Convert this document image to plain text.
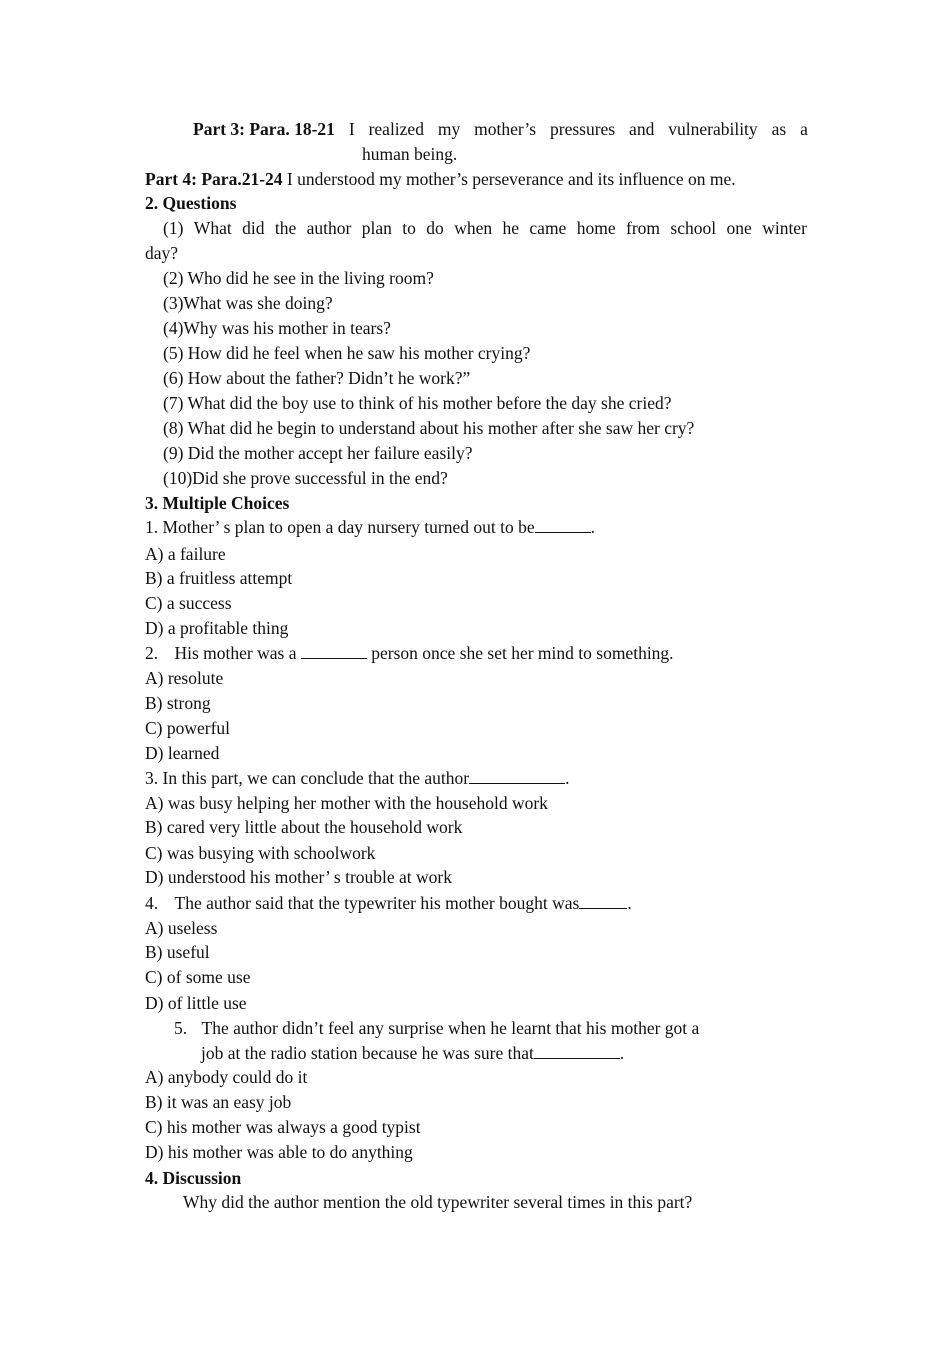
Part 3: Para. 18-21 I realized my mother’s pressures and vulnerability as a
human being.
Part 4: Para.21-24 I understood my mother’s perseverance and its influence on me.
2. Questions
(1) What did the author plan to do when he came home from school one winter
day?
(2) Who did he see in the living room?
(3)What was she doing?
(4)Why was his mother in tears?
(5) How did he feel when he saw his mother crying?
(6) How about the father? Didn’t he work?”
(7) What did the boy use to think of his mother before the day she cried?
(8) What did he begin to understand about his mother after she saw her cry?
(9) Did the mother accept her failure easily?
(10)Did she prove successful in the end?
3. Multiple Choices
1. Mother’ s plan to open a day nursery turned out to be	.
A) a failure
B) a fruitless attempt
C) a success
D) a profitable thing
2. His mother was a	person once she set her mind to something.
A) resolute
B) strong
C) powerful
D) learned
3. In this part, we can conclude that the author	.
A) was busy helping her mother with the household work
B) cared very little about the household work
C) was busying with schoolwork
D) understood his mother’ s trouble at work
4. The author said that the typewriter his mother bought was	.
A) useless
B) useful
C) of some use
D) of little use
5. The author didn’t feel any surprise when he learnt that his mother got a
job at the radio station because he was sure that	.
A) anybody could do it
B) it was an easy job
C) his mother was always a good typist
D) his mother was able to do anything
4. Discussion
Why did the author mention the old typewriter several times in this part?
